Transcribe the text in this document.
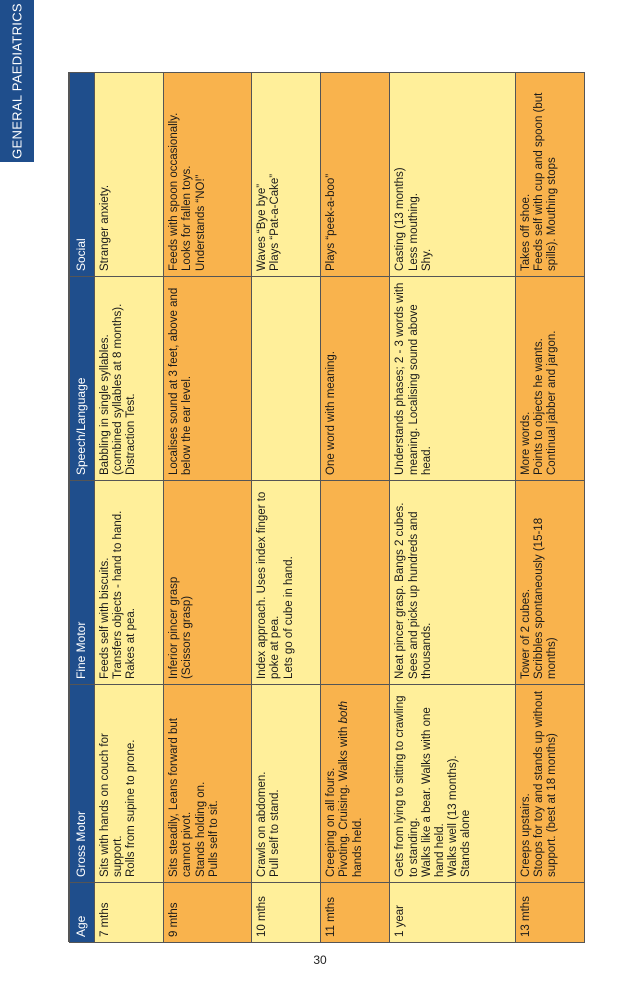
GENERAL PAEDIATRICS
Age	Gross Motor	Fine Motor	Speech/Language	Social
7 mths	Sits with hands on couch for support.
Rolls from supine to prone.	Feeds self with biscuits.
Transfers objects - hand to hand.
Rakes at pea.	Babbling in single syllables.
(combined syllables at 8 months). Distraction Test.	Stranger anxiety.
9 mths	Sits steadily, Leans forward but cannot pivot.
Stands holding on.
Pulls self to sit.	Inferior pincer grasp
(Scissors grasp)	Localises sound at 3 feet, above and below the ear level.	Feeds with spoon occasionally.
Looks for fallen toys.
Understands “NO!”
10 mths	Crawls on abdomen.
Pull self to stand.	Index approach. Uses index finger to poke at pea.
Lets go of cube in hand.		Waves “Bye bye”
Plays “Pat-a-Cake”
11 mths	Creeping on all fours.
Pivoting. Cruising. Walks with both hands held.		One word with meaning.	Plays “peek-a-boo”
1 year	Gets from lying to sitting to crawling to standing.
Walks like a bear. Walks with one hand held.
Walks well (13 months).
Stands alone	Neat pincer grasp. Bangs 2 cubes.
Sees and picks up hundreds and thousands.	Understands phases; 2 - 3 words with meaning. Localising sound above head.	Casting (13 months)
Less mouthing.
Shy.
13 mths	Creeps upstairs.
Stoops for toy and stands up without support. (best at 18 months)	Tower of 2 cubes.
Scribbles spontaneously (15-18 months)	More words.
Points to objects he wants.
Continual jabber and jargon.	Takes off shoe.
Feeds self with cup and spoon (but spills). Mouthing stops
30
